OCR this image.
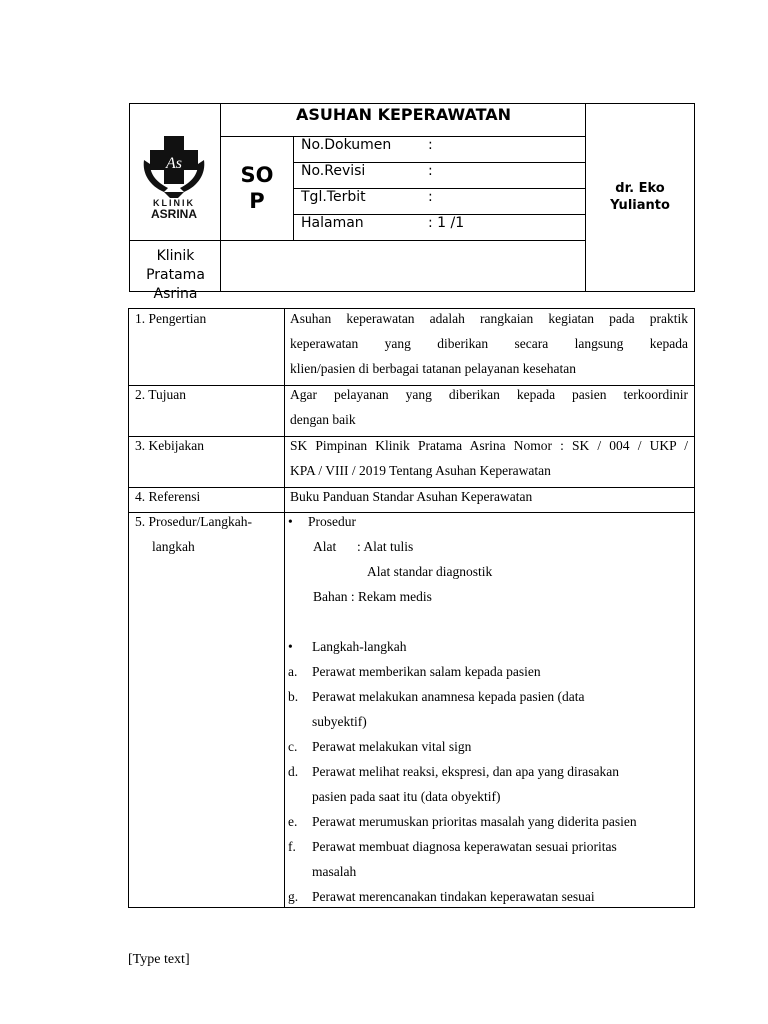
As
KLINIK
ASRINA
Klinik Pratama
Asrina
ASUHAN KEPERAWATAN
SO
P
No.Dokumen	:
No.Revisi	:
Tgl.Terbit	:
Halaman	: 1 /1
dr. Eko
Yulianto
1. Pengertian	Asuhan keperawatan adalah rangkaian kegiatan pada praktik
keperawatan yang diberikan secara langsung kepada
klien/pasien di berbagai tatanan pelayanan kesehatan
2. Tujuan	Agar pelayanan yang diberikan kepada pasien terkoordinir
dengan baik
3. Kebijakan	SK Pimpinan Klinik Pratama Asrina Nomor : SK / 004 / UKP /
KPA / VIII / 2019 Tentang Asuhan Keperawatan
4. Referensi	Buku Panduan Standar Asuhan Keperawatan
5. Prosedur/Langkah-
langkah
• Prosedur
Alat : Alat tulis
Alat standar diagnostik
Bahan : Rekam medis
• Langkah-langkah
a. Perawat memberikan salam kepada pasien
b. Perawat melakukan anamnesa kepada pasien (data
subyektif)
c. Perawat melakukan vital sign
d. Perawat melihat reaksi, ekspresi, dan apa yang dirasakan
pasien pada saat itu (data obyektif)
e. Perawat merumuskan prioritas masalah yang diderita pasien
f. Perawat membuat diagnosa keperawatan sesuai prioritas
masalah
g. Perawat merencanakan tindakan keperawatan sesuai
[Type text]
